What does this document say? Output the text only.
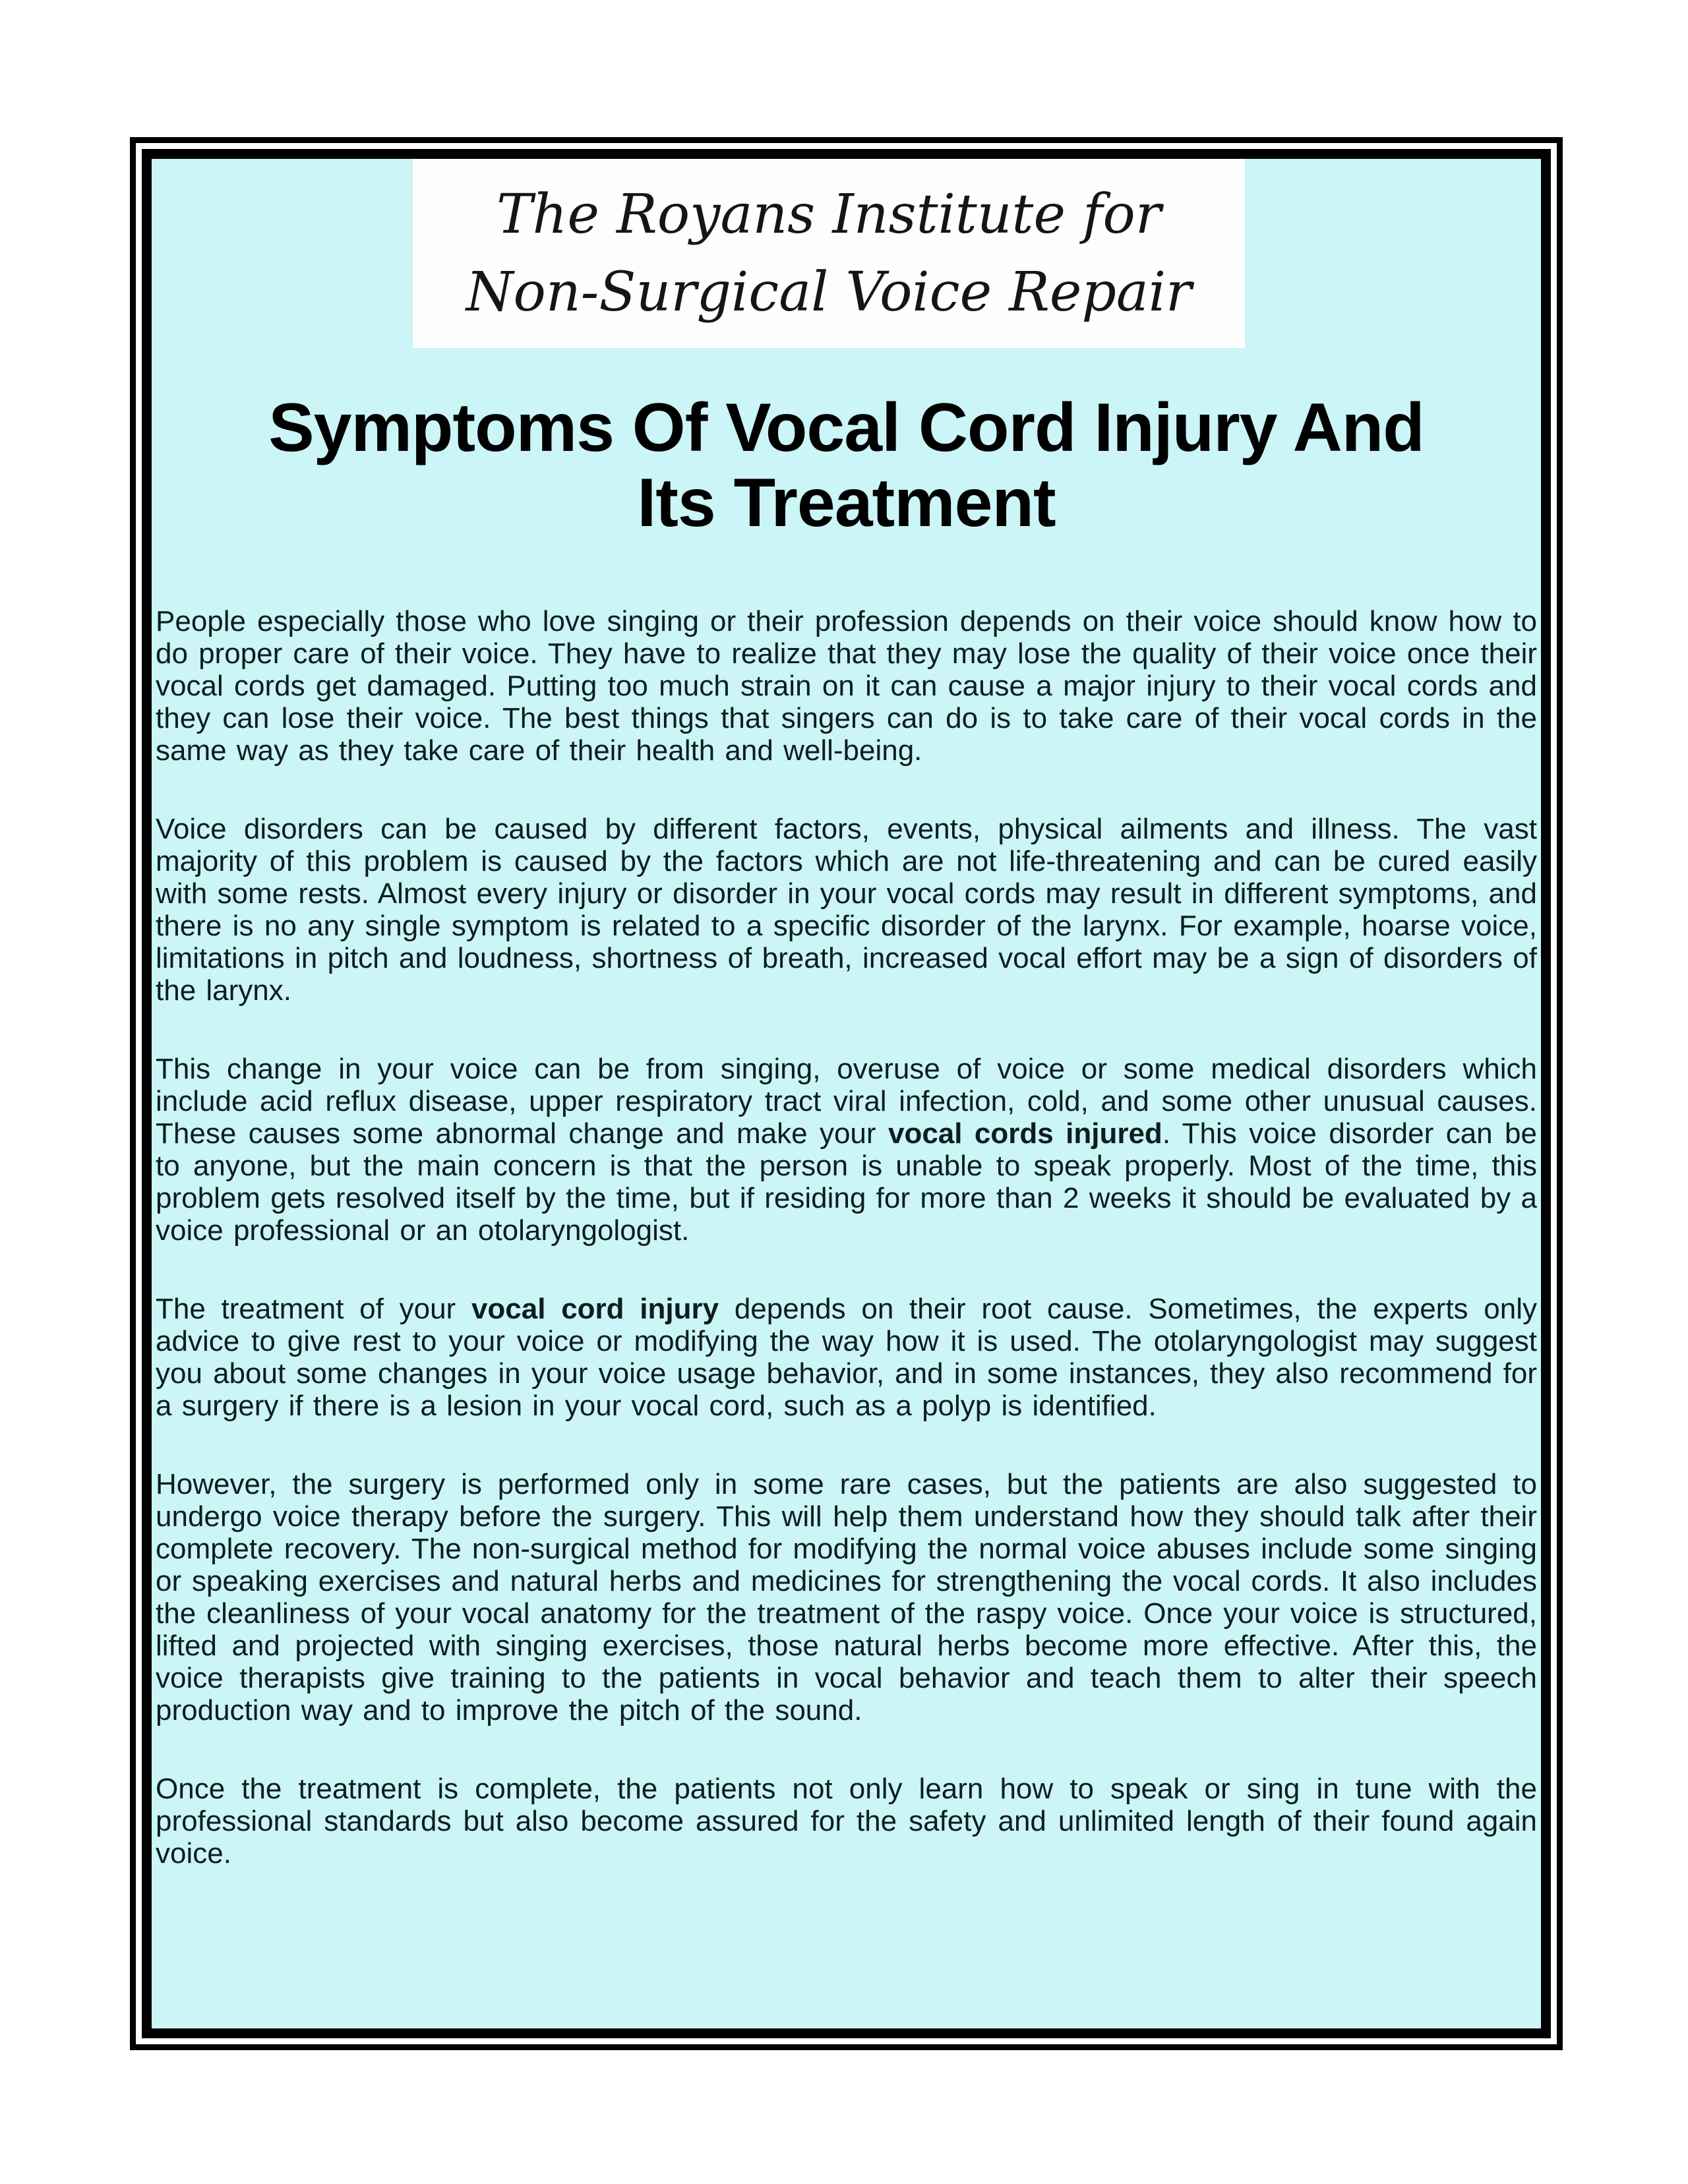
The Royans Institute for
Non-Surgical Voice Repair
Symptoms Of Vocal Cord Injury And
Its Treatment

People especially those who love singing or their profession depends on their voice should know how to do proper care of their voice. They have to realize that they may lose the quality of their voice once their vocal cords get damaged. Putting too much strain on it can cause a major injury to their vocal cords and they can lose their voice. The best things that singers can do is to take care of their vocal cords in the same way as they take care of their health and well-being.

Voice disorders can be caused by different factors, events, physical ailments and illness. The vast majority of this problem is caused by the factors which are not life-threatening and can be cured easily with some rests. Almost every injury or disorder in your vocal cords may result in different symptoms, and there is no any single symptom is related to a specific disorder of the larynx. For example, hoarse voice, limitations in pitch and loudness, shortness of breath, increased vocal effort may be a sign of disorders of the larynx.

This change in your voice can be from singing, overuse of voice or some medical disorders which include acid reflux disease, upper respiratory tract viral infection, cold, and some other unusual causes. These causes some abnormal change and make your vocal cords injured. This voice disorder can be to anyone, but the main concern is that the person is unable to speak properly. Most of the time, this problem gets resolved itself by the time, but if residing for more than 2 weeks it should be evaluated by a voice professional or an otolaryngologist.

The treatment of your vocal cord injury depends on their root cause. Sometimes, the experts only advice to give rest to your voice or modifying the way how it is used. The otolaryngologist may suggest you about some changes in your voice usage behavior, and in some instances, they also recommend for a surgery if there is a lesion in your vocal cord, such as a polyp is identified.

However, the surgery is performed only in some rare cases, but the patients are also suggested to undergo voice therapy before the surgery. This will help them understand how they should talk after their complete recovery. The non-surgical method for modifying the normal voice abuses include some singing or speaking exercises and natural herbs and medicines for strengthening the vocal cords. It also includes the cleanliness of your vocal anatomy for the treatment of the raspy voice. Once your voice is structured, lifted and projected with singing exercises, those natural herbs become more effective. After this, the voice therapists give training to the patients in vocal behavior and teach them to alter their speech production way and to improve the pitch of the sound.

Once the treatment is complete, the patients not only learn how to speak or sing in tune with the professional standards but also become assured for the safety and unlimited length of their found again voice.
